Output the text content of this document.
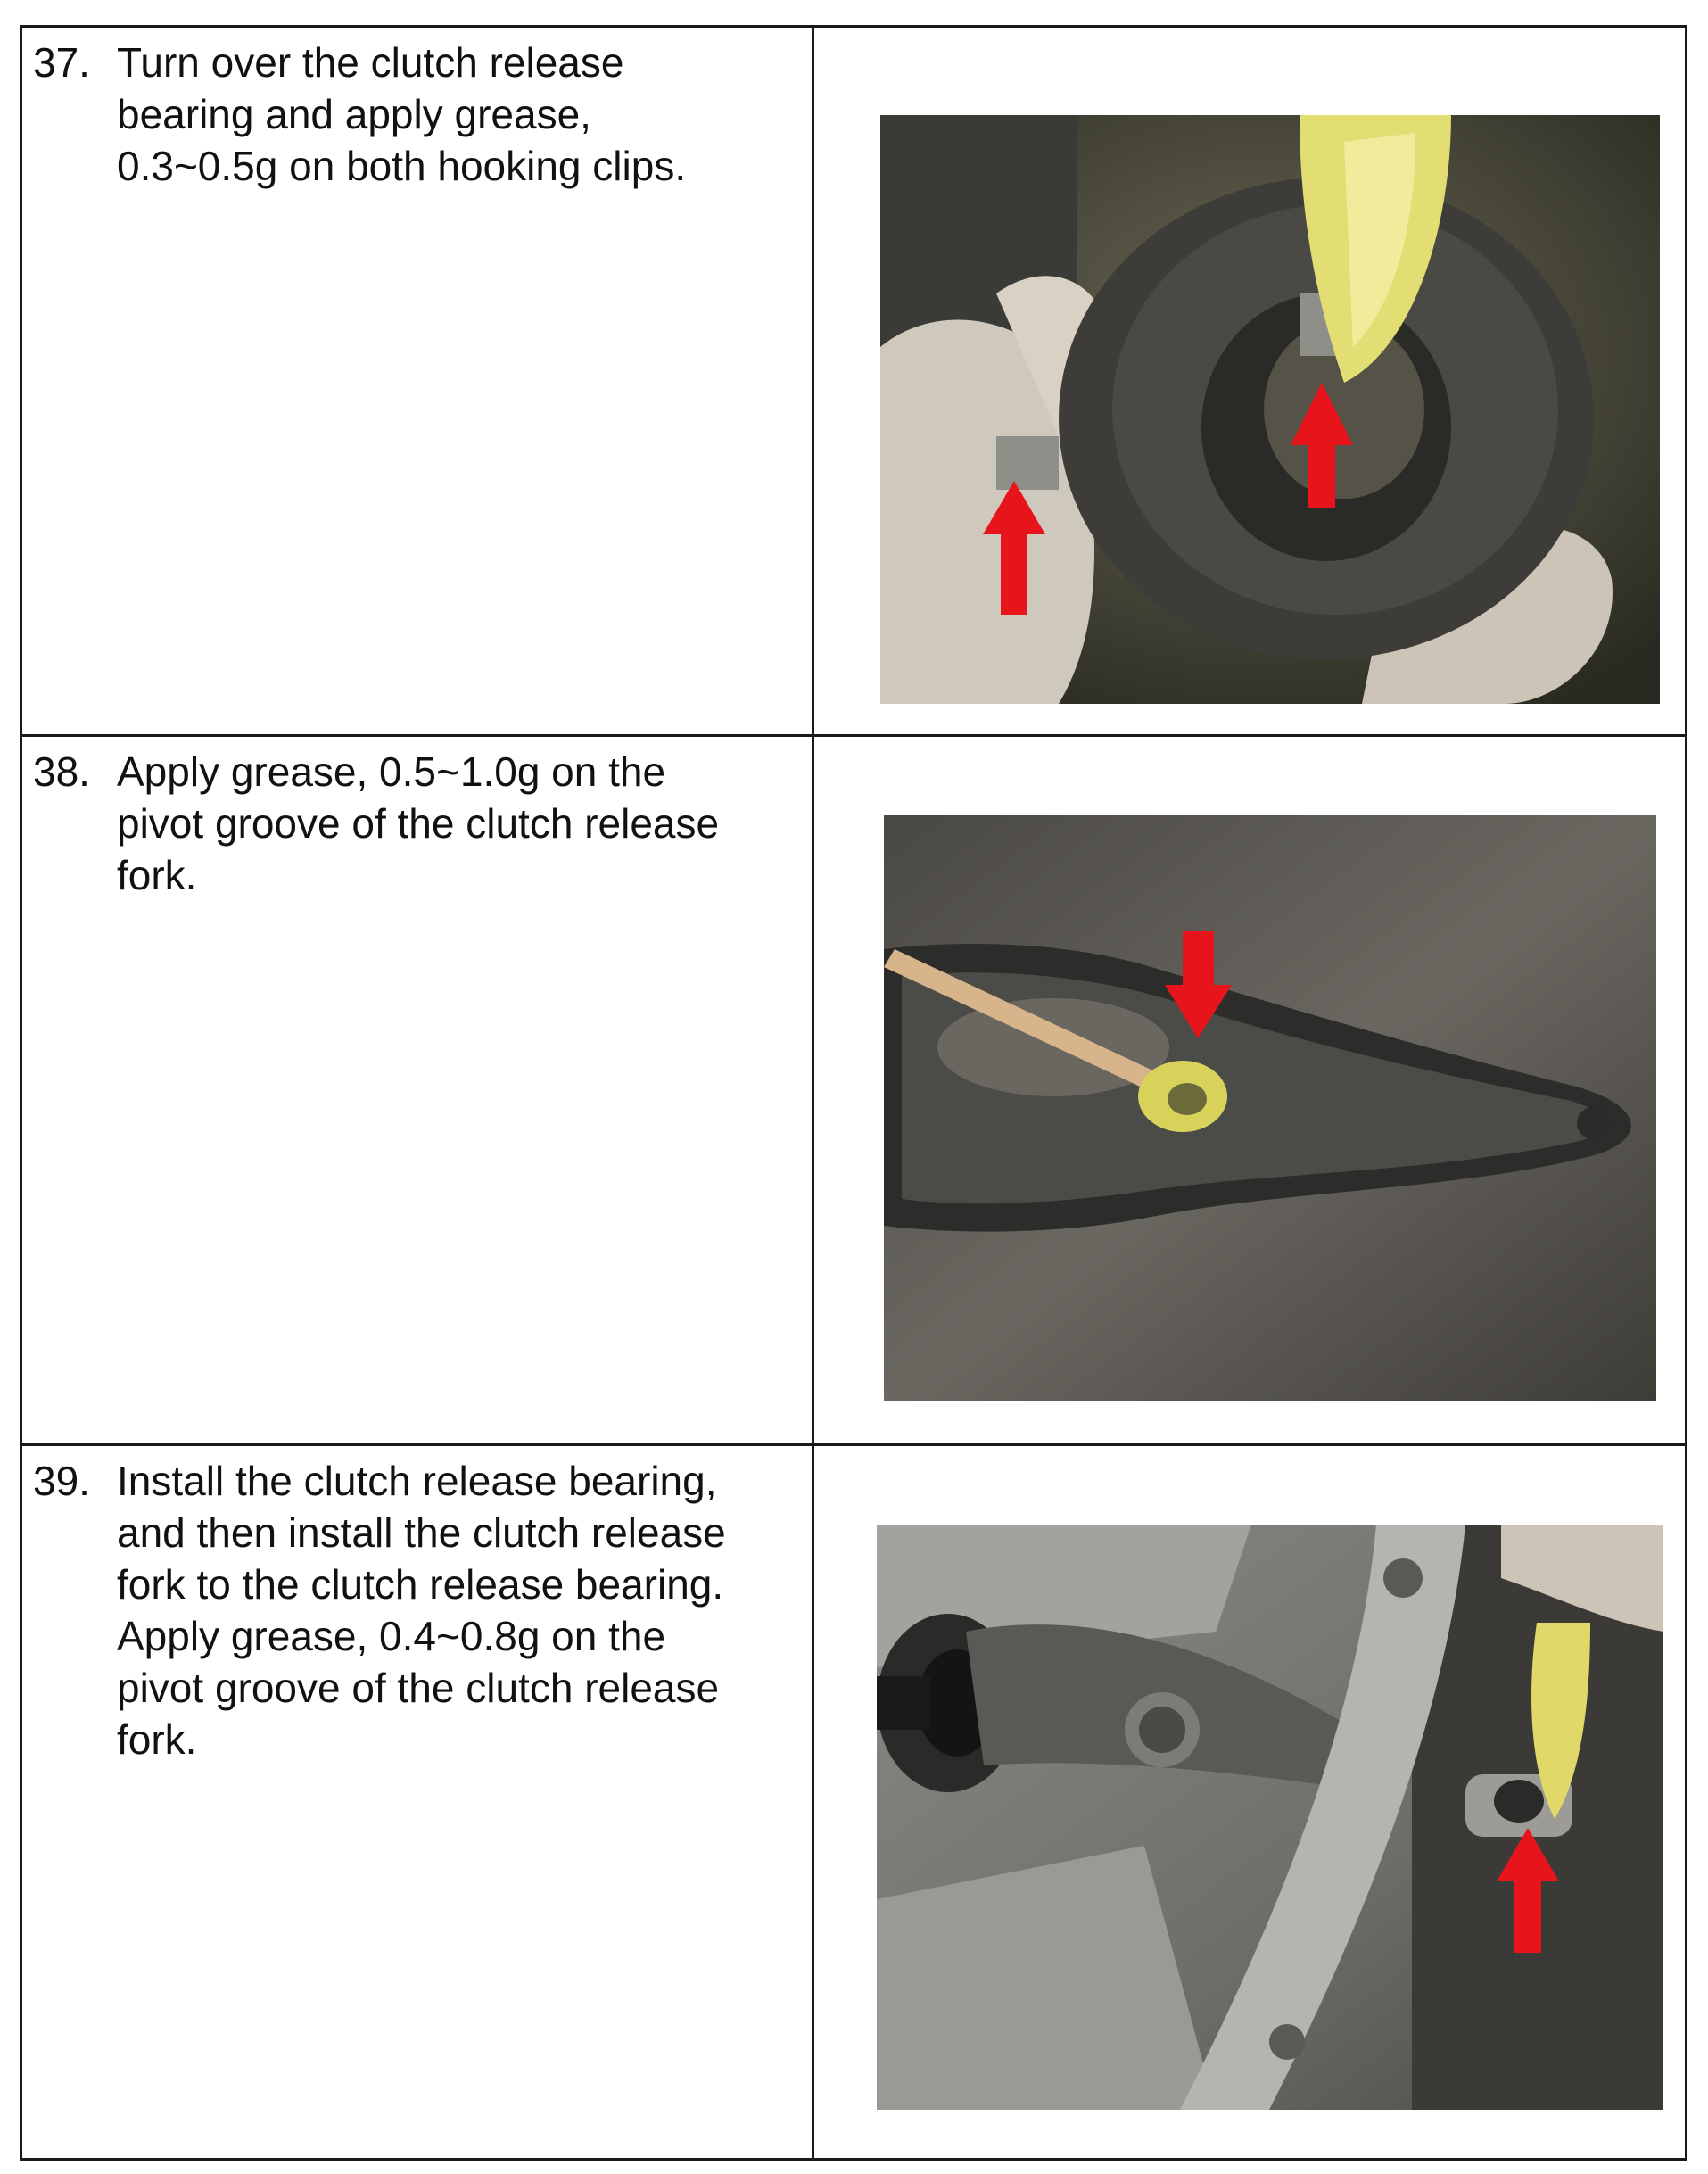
37. Turn over the clutch release
bearing and apply grease,
0.3~0.5g on both hooking clips.

38. Apply grease, 0.5~1.0g on the
pivot groove of the clutch release
fork.

39. Install the clutch release bearing,
and then install the clutch release
fork to the clutch release bearing.
Apply grease, 0.4~0.8g on the
pivot groove of the clutch release
fork.
